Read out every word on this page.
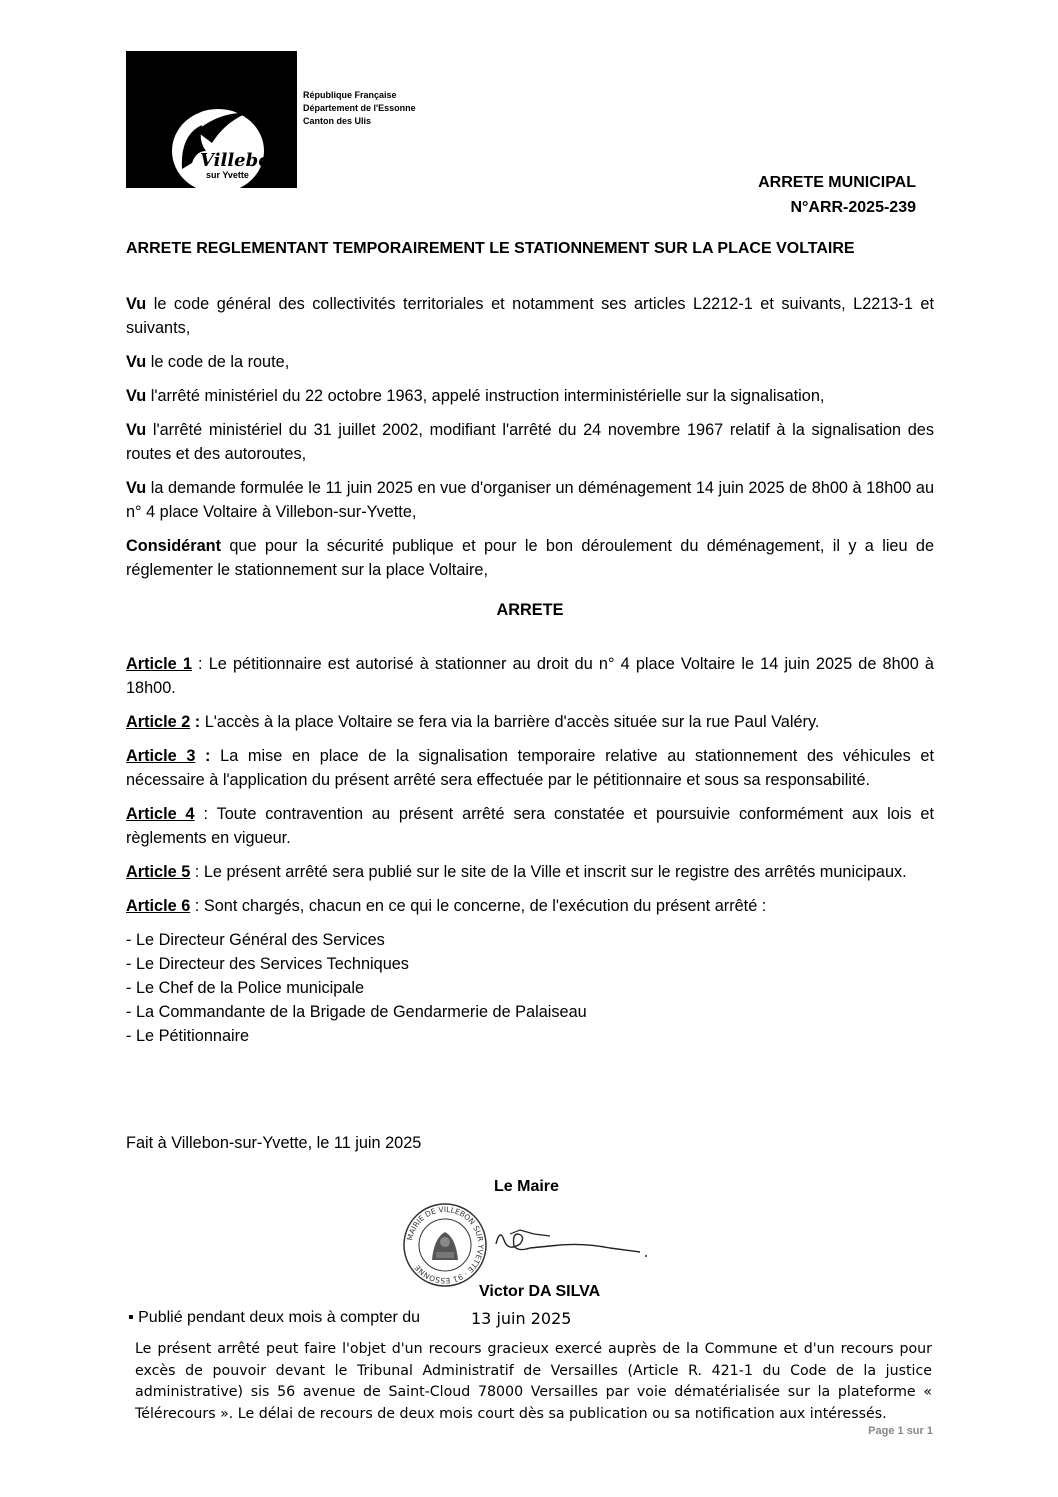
Villebon
sur Yvette
République Française
Département de l'Essonne
Canton des Ulis
ARRETE MUNICIPAL
N°ARR-2025-239
ARRETE REGLEMENTANT TEMPORAIREMENT LE STATIONNEMENT SUR LA PLACE VOLTAIRE

Vu le code général des collectivités territoriales et notamment ses articles L2212-1 et suivants, L2213-1 et suivants,

Vu le code de la route,

Vu l'arrêté ministériel du 22 octobre 1963, appelé instruction interministérielle sur la signalisation,

Vu l'arrêté ministériel du 31 juillet 2002, modifiant l'arrêté du 24 novembre 1967 relatif à la signalisation des routes et des autoroutes,

Vu la demande formulée le 11 juin 2025 en vue d'organiser un déménagement 14 juin 2025 de 8h00 à 18h00 au n° 4 place Voltaire à Villebon-sur-Yvette,

Considérant que pour la sécurité publique et pour le bon déroulement du déménagement, il y a lieu de réglementer le stationnement sur la place Voltaire,

ARRETE

Article 1 : Le pétitionnaire est autorisé à stationner au droit du n° 4 place Voltaire le 14 juin 2025 de 8h00 à 18h00.

Article 2 : L'accès à la place Voltaire se fera via la barrière d'accès située sur la rue Paul Valéry.

Article 3 : La mise en place de la signalisation temporaire relative au stationnement des véhicules et nécessaire à l'application du présent arrêté sera effectuée par le pétitionnaire et sous sa responsabilité.

Article 4 : Toute contravention au présent arrêté sera constatée et poursuivie conformément aux lois et règlements en vigueur.

Article 5 : Le présent arrêté sera publié sur le site de la Ville et inscrit sur le registre des arrêtés municipaux.

Article 6 : Sont chargés, chacun en ce qui le concerne, de l'exécution du présent arrêté :

- Le Directeur Général des Services
- Le Directeur des Services Techniques
- Le Chef de la Police municipale
- La Commandante de la Brigade de Gendarmerie de Palaiseau
- Le Pétitionnaire
Fait à Villebon-sur-Yvette, le 11 juin 2025
Le Maire
MAIRIE DE VILLEBON SUR YVETTE · 91 ESSONNE
Victor DA SILVA
▪ Publié pendant deux mois à compter du	13 juin 2025
Le présent arrêté peut faire l'objet d'un recours gracieux exercé auprès de la Commune et d'un recours pour excès de pouvoir devant le Tribunal Administratif de Versailles (Article R. 421-1 du Code de la justice administrative) sis 56 avenue de Saint-Cloud 78000 Versailles par voie dématérialisée sur la plateforme « Télérecours ». Le délai de recours de deux mois court dès sa publication ou sa notification aux intéressés.
Page 1 sur 1
